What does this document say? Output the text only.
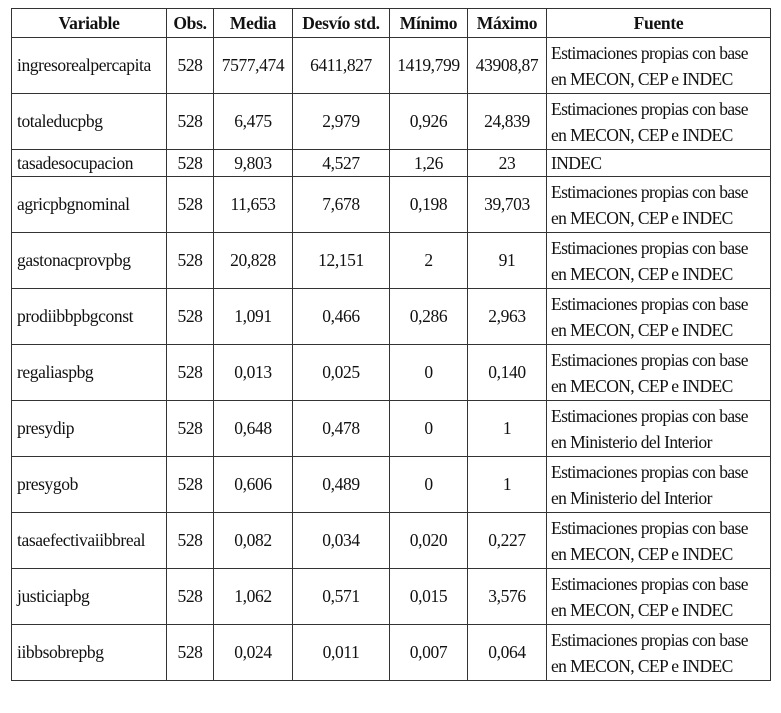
Variable	Obs.	Media	Desvío std.	Mínimo	Máximo	Fuente
ingresorealpercapita	528	7577,474	6411,827	1419,799	43908,87	Estimaciones propias con base
en MECON, CEP e INDEC

totaleducpbg	528	6,475	2,979	0,926	24,839	Estimaciones propias con base
en MECON, CEP e INDEC

tasadesocupacion	528	9,803	4,527	1,26	23	INDEC

agricpbgnominal	528	11,653	7,678	0,198	39,703	Estimaciones propias con base
en MECON, CEP e INDEC

gastonacprovpbg	528	20,828	12,151	2	91	Estimaciones propias con base
en MECON, CEP e INDEC

prodiibbpbgconst	528	1,091	0,466	0,286	2,963	Estimaciones propias con base
en MECON, CEP e INDEC

regaliaspbg	528	0,013	0,025	0	0,140	Estimaciones propias con base
en MECON, CEP e INDEC

presydip	528	0,648	0,478	0	1	Estimaciones propias con base
en Ministerio del Interior

presygob	528	0,606	0,489	0	1	Estimaciones propias con base
en Ministerio del Interior

tasaefectivaiibbreal	528	0,082	0,034	0,020	0,227	Estimaciones propias con base
en MECON, CEP e INDEC

justiciapbg	528	1,062	0,571	0,015	3,576	Estimaciones propias con base
en MECON, CEP e INDEC

iibbsobrepbg	528	0,024	0,011	0,007	0,064	Estimaciones propias con base
en MECON, CEP e INDEC
